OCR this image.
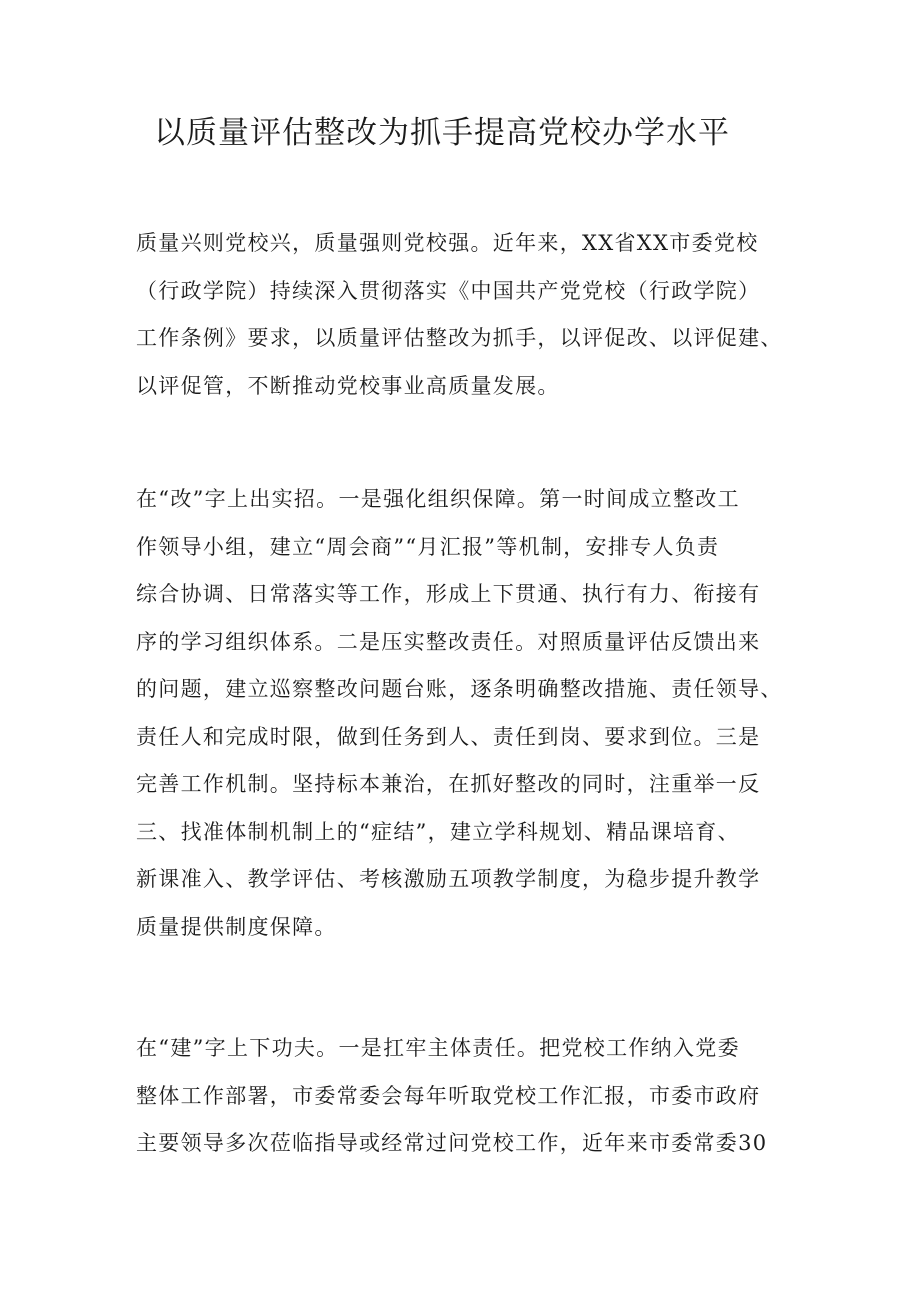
以质量评估整改为抓手提高党校办学水平

质量兴则党校兴，质量强则党校强。近年来，XX省XX市委党校
（行政学院）持续深入贯彻落实《中国共产党党校（行政学院）
工作条例》要求，以质量评估整改为抓手，以评促改、以评促建、
以评促管，不断推动党校事业高质量发展。

在“改”字上出实招。一是强化组织保障。第一时间成立整改工
作领导小组，建立“周会商”“月汇报”等机制，安排专人负责
综合协调、日常落实等工作，形成上下贯通、执行有力、衔接有
序的学习组织体系。二是压实整改责任。对照质量评估反馈出来
的问题，建立巡察整改问题台账，逐条明确整改措施、责任领导、
责任人和完成时限，做到任务到人、责任到岗、要求到位。三是
完善工作机制。坚持标本兼治，在抓好整改的同时，注重举一反
三、找准体制机制上的“症结”，建立学科规划、精品课培育、
新课准入、教学评估、考核激励五项教学制度，为稳步提升教学
质量提供制度保障。

在“建”字上下功夫。一是扛牢主体责任。把党校工作纳入党委
整体工作部署，市委常委会每年听取党校工作汇报，市委市政府
主要领导多次莅临指导或经常过问党校工作，近年来市委常委30
